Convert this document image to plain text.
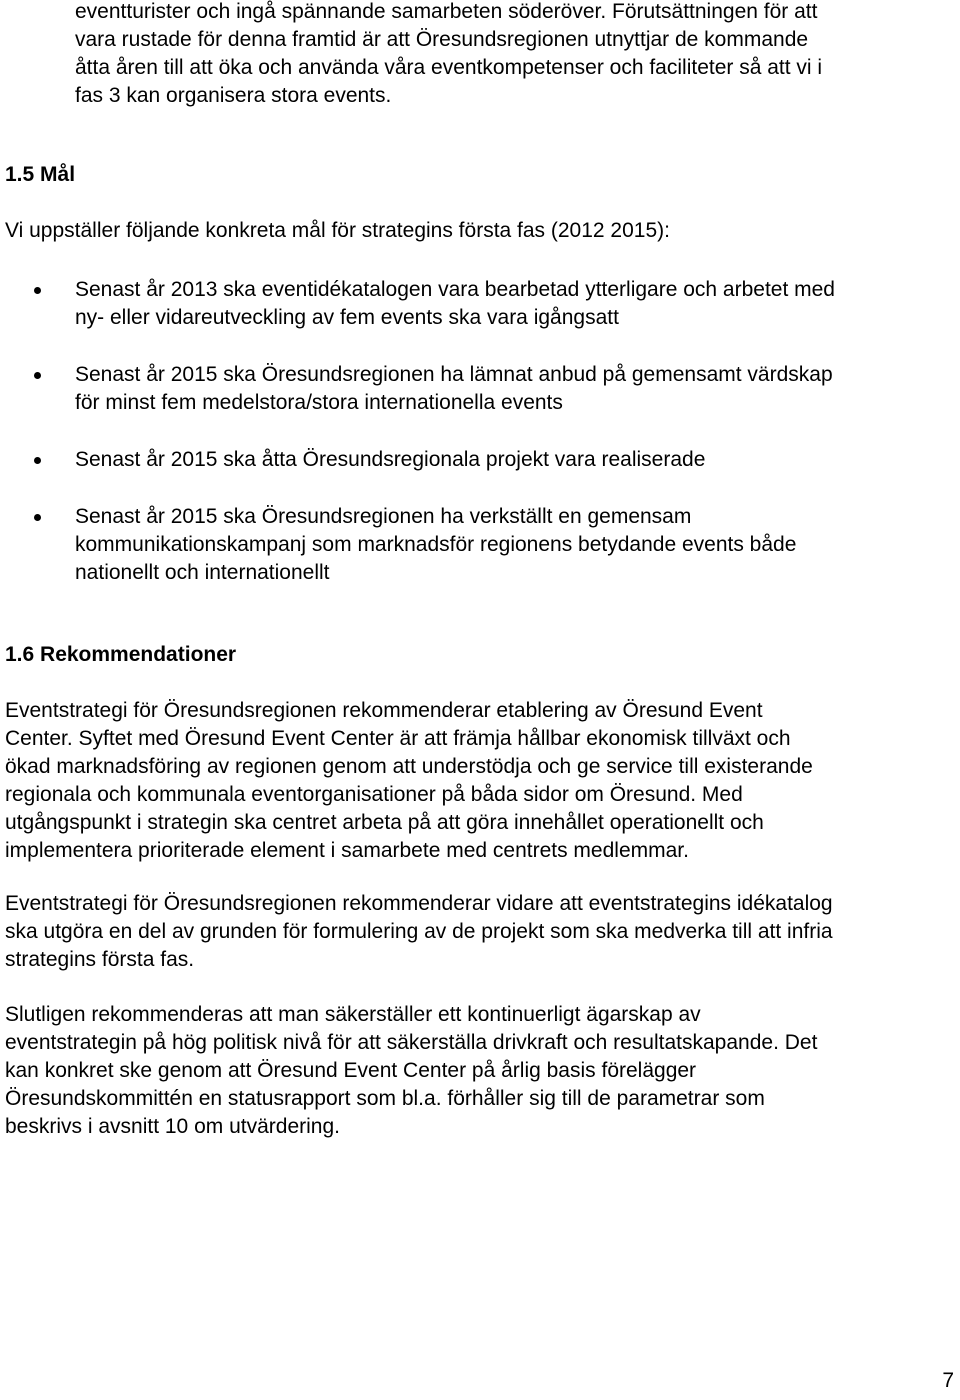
eventturister och ingå spännande samarbeten söderöver. Förutsättningen för att
vara rustade för denna framtid är att Öresundsregionen utnyttjar de kommande
åtta åren till att öka och använda våra eventkompetenser och faciliteter så att vi i
fas 3 kan organisera stora events.

1.5 Mål

Vi uppställer följande konkreta mål för strategins första fas (2012 2015):

Senast år 2013 ska eventidékatalogen vara bearbetad ytterligare och arbetet med
ny- eller vidareutveckling av fem events ska vara igångsatt
Senast år 2015 ska Öresundsregionen ha lämnat anbud på gemensamt värdskap
för minst fem medelstora/stora internationella events
Senast år 2015 ska åtta Öresundsregionala projekt vara realiserade
Senast år 2015 ska Öresundsregionen ha verkställt en gemensam
kommunikationskampanj som marknadsför regionens betydande events både
nationellt och internationellt
1.6 Rekommendationer

Eventstrategi för Öresundsregionen rekommenderar etablering av Öresund Event
Center. Syftet med Öresund Event Center är att främja hållbar ekonomisk tillväxt och
ökad marknadsföring av regionen genom att understödja och ge service till existerande
regionala och kommunala eventorganisationer på båda sidor om Öresund. Med
utgångspunkt i strategin ska centret arbeta på att göra innehållet operationellt och
implementera prioriterade element i samarbete med centrets medlemmar.

Eventstrategi för Öresundsregionen rekommenderar vidare att eventstrategins idékatalog
ska utgöra en del av grunden för formulering av de projekt som ska medverka till att infria
strategins första fas.

Slutligen rekommenderas att man säkerställer ett kontinuerligt ägarskap av
eventstrategin på hög politisk nivå för att säkerställa drivkraft och resultatskapande. Det
kan konkret ske genom att Öresund Event Center på årlig basis förelägger
Öresundskommittén en statusrapport som bl.a. förhåller sig till de parametrar som
beskrivs i avsnitt 10 om utvärdering.

7
